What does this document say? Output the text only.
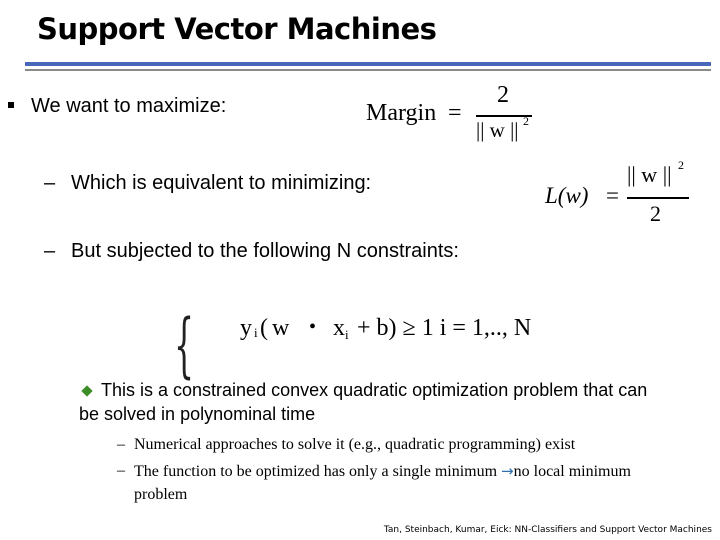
Support Vector Machines
We want to maximize:	Margin =
2
|| w || 2
– Which is equivalent to minimizing:	L(w) =
|| w || 2
2
– But subjected to the following N constraints:
{ y i ( w • x i + b) ≥ 1 i = 1,.., N
This is a constrained convex quadratic optimization problem that can
be solved in polynominal time
– Numerical approaches to solve it (e.g., quadratic programming) exist
– The function to be optimized has only a single minimum →no local minimum
problem
Tan, Steinbach, Kumar, Eick: NN-Classifiers and Support Vector Machines
